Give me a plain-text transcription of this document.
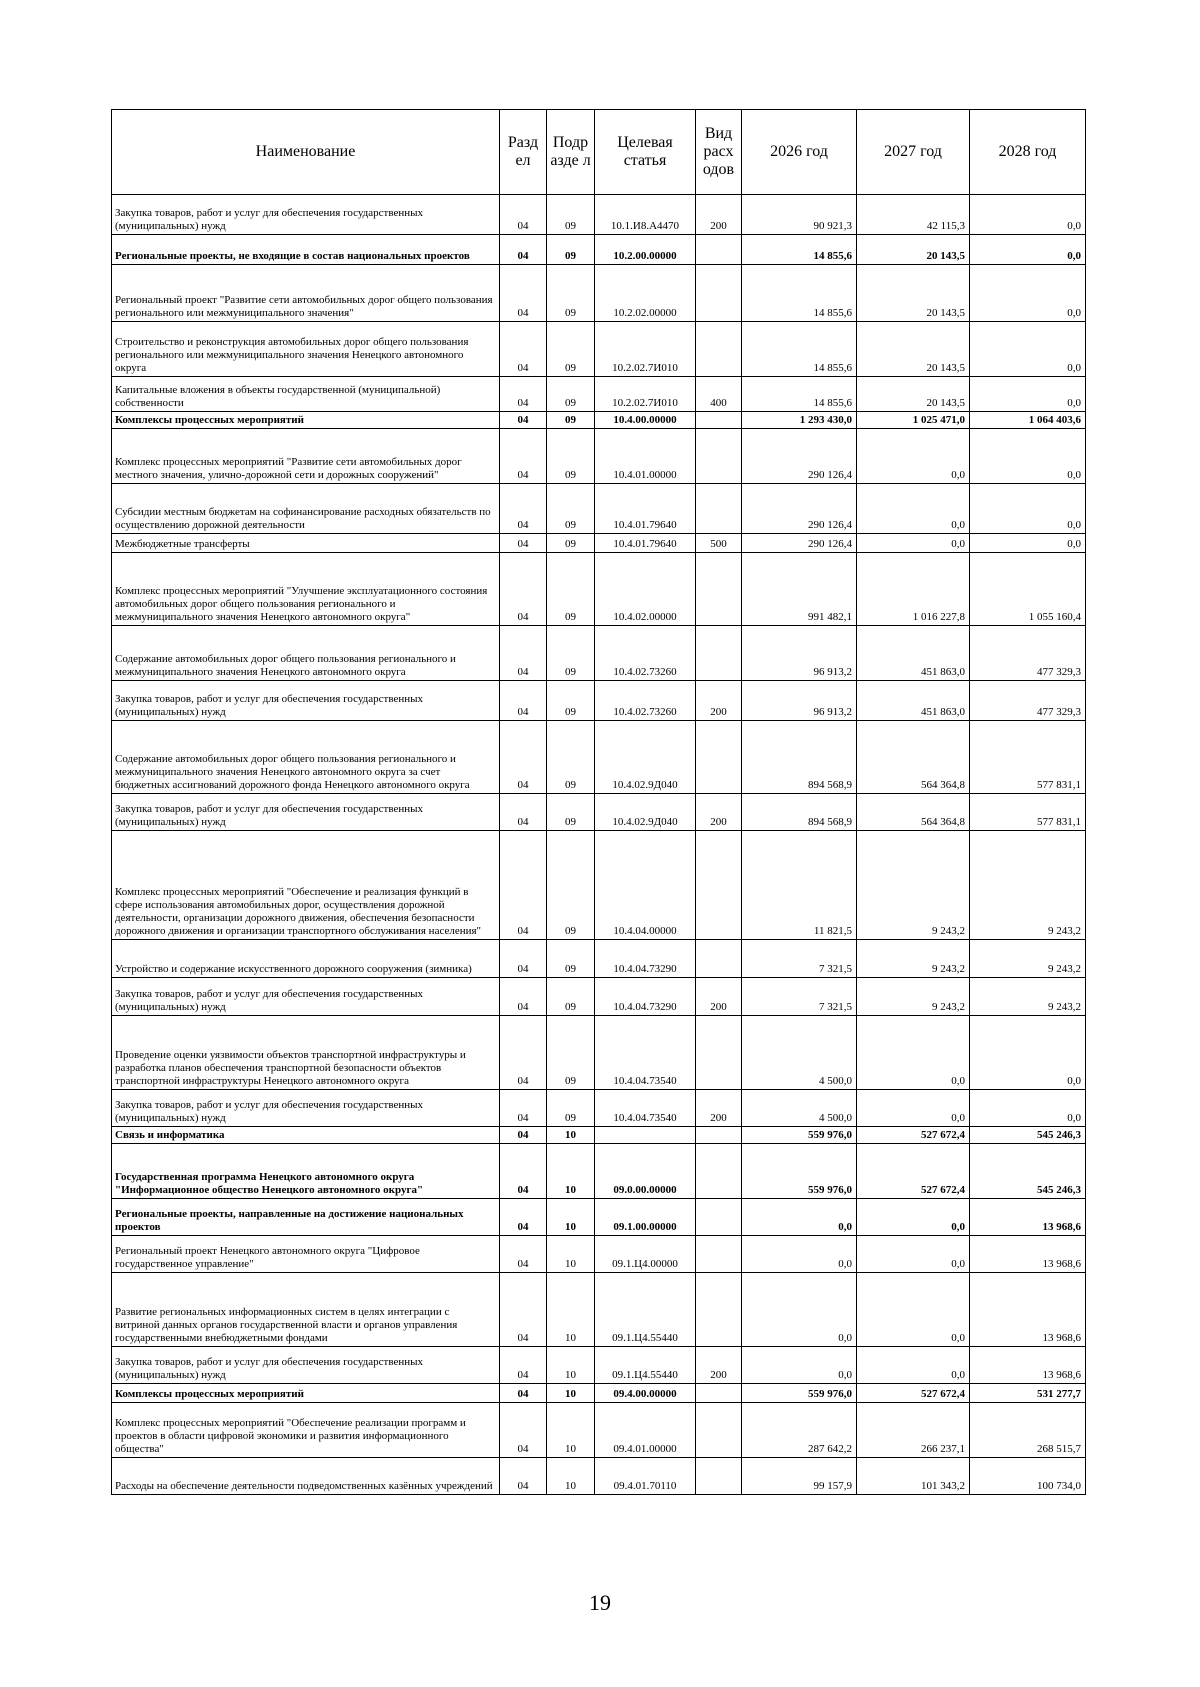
Наименование	Разд ел	Подр азде л	Целевая статья	Вид расх одов	2026 год	2027 год	2028 год
Закупка товаров, работ и услуг для обеспечения государственных (муниципальных) нужд	04	09	10.1.И8.А4470	200	90 921,3	42 115,3	0,0
Региональные проекты, не входящие в состав национальных проектов	04	09	10.2.00.00000		14 855,6	20 143,5	0,0
Региональный проект "Развитие сети автомобильных дорог общего пользования регионального или межмуниципального значения"	04	09	10.2.02.00000		14 855,6	20 143,5	0,0
Строительство и реконструкция автомобильных дорог общего пользования регионального или межмуниципального значения Ненецкого автономного округа	04	09	10.2.02.7И010		14 855,6	20 143,5	0,0
Капитальные вложения в объекты государственной (муниципальной) собственности	04	09	10.2.02.7И010	400	14 855,6	20 143,5	0,0
Комплексы процессных мероприятий	04	09	10.4.00.00000		1 293 430,0	1 025 471,0	1 064 403,6
Комплекс процессных мероприятий "Развитие сети автомобильных дорог местного значения, улично-дорожной сети и дорожных сооружений"	04	09	10.4.01.00000		290 126,4	0,0	0,0
Субсидии местным бюджетам на софинансирование расходных обязательств по осуществлению дорожной деятельности	04	09	10.4.01.79640		290 126,4	0,0	0,0
Межбюджетные трансферты	04	09	10.4.01.79640	500	290 126,4	0,0	0,0
Комплекс процессных мероприятий "Улучшение эксплуатационного состояния автомобильных дорог общего пользования регионального и межмуниципального значения Ненецкого автономного округа"	04	09	10.4.02.00000		991 482,1	1 016 227,8	1 055 160,4
Содержание автомобильных дорог общего пользования регионального и межмуниципального значения Ненецкого автономного округа	04	09	10.4.02.73260		96 913,2	451 863,0	477 329,3
Закупка товаров, работ и услуг для обеспечения государственных (муниципальных) нужд	04	09	10.4.02.73260	200	96 913,2	451 863,0	477 329,3
Содержание автомобильных дорог общего пользования регионального и межмуниципального значения Ненецкого автономного округа за счет бюджетных ассигнований дорожного фонда Ненецкого автономного округа	04	09	10.4.02.9Д040		894 568,9	564 364,8	577 831,1
Закупка товаров, работ и услуг для обеспечения государственных (муниципальных) нужд	04	09	10.4.02.9Д040	200	894 568,9	564 364,8	577 831,1
Комплекс процессных мероприятий "Обеспечение и реализация функций в сфере использования автомобильных дорог, осуществления дорожной деятельности, организации дорожного движения, обеспечения безопасности дорожного движения и организации транспортного обслуживания населения"	04	09	10.4.04.00000		11 821,5	9 243,2	9 243,2
Устройство и содержание искусственного дорожного сооружения (зимника)	04	09	10.4.04.73290		7 321,5	9 243,2	9 243,2
Закупка товаров, работ и услуг для обеспечения государственных (муниципальных) нужд	04	09	10.4.04.73290	200	7 321,5	9 243,2	9 243,2
Проведение оценки уязвимости объектов транспортной инфраструктуры и разработка планов обеспечения транспортной безопасности объектов транспортной инфраструктуры Ненецкого автономного округа	04	09	10.4.04.73540		4 500,0	0,0	0,0
Закупка товаров, работ и услуг для обеспечения государственных (муниципальных) нужд	04	09	10.4.04.73540	200	4 500,0	0,0	0,0
Связь и информатика	04	10			559 976,0	527 672,4	545 246,3
Государственная программа Ненецкого автономного округа "Информационное общество Ненецкого автономного округа"	04	10	09.0.00.00000		559 976,0	527 672,4	545 246,3
Региональные проекты, направленные на достижение национальных проектов	04	10	09.1.00.00000		0,0	0,0	13 968,6
Региональный проект Ненецкого автономного округа "Цифровое государственное управление"	04	10	09.1.Ц4.00000		0,0	0,0	13 968,6
Развитие региональных информационных систем в целях интеграции с витриной данных органов государственной власти и органов управления государственными внебюджетными фондами	04	10	09.1.Ц4.55440		0,0	0,0	13 968,6
Закупка товаров, работ и услуг для обеспечения государственных (муниципальных) нужд	04	10	09.1.Ц4.55440	200	0,0	0,0	13 968,6
Комплексы процессных мероприятий	04	10	09.4.00.00000		559 976,0	527 672,4	531 277,7
Комплекс процессных мероприятий "Обеспечение реализации программ и проектов в области цифровой экономики и развития информационного общества"	04	10	09.4.01.00000		287 642,2	266 237,1	268 515,7
Расходы на обеспечение деятельности подведомственных казённых учреждений	04	10	09.4.01.70110		99 157,9	101 343,2	100 734,0
19
